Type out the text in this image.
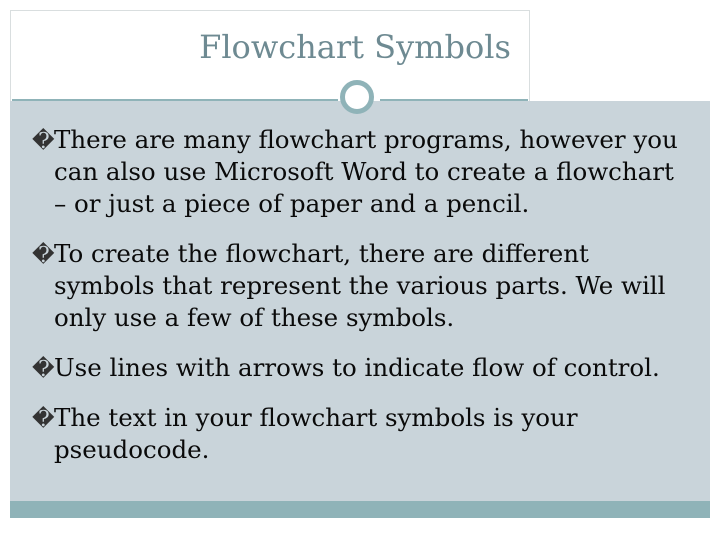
Flowchart Symbols
� There are many flowchart programs, however you can also use Microsoft Word to create a flowchart – or just a piece of paper and a pencil.
� To create the flowchart, there are different symbols that represent the various parts. We will only use a few of these symbols.
� Use lines with arrows to indicate flow of control.
� The text in your flowchart symbols is your pseudocode.
